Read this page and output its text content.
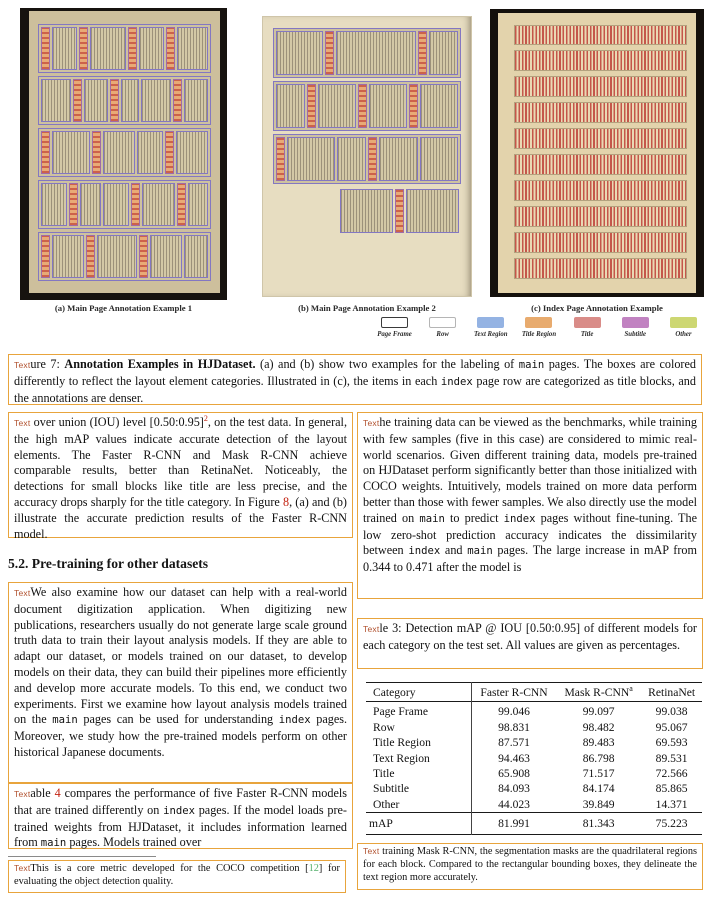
(a) Main Page Annotation Example 1	(b) Main Page Annotation Example 2	(c) Index Page Annotation Example
Page Frame	Row	Text Region	Title Region	Title	Subtitle	Other
Texture 7: Annotation Examples in HJDataset. (a) and (b) show two examples for the labeling of main pages. The boxes are colored differently to reflect the layout element categories. Illustrated in (c), the items in each index page row are categorized as title blocks, and the annotations are denser.
Text over union (IOU) level [0.50:0.95]$^2$, on the test data. In general, the high mAP values indicate accurate detection of the layout elements. The Faster R-CNN and Mask R-CNN achieve comparable results, better than RetinaNet. Noticeably, the detections for small blocks like title are less precise, and the accuracy drops sharply for the title category. In Figure 8, (a) and (b) illustrate the accurate prediction results of the Faster R-CNN model.
5.2. Pre-training for other datasets
TextWe also examine how our dataset can help with a real-world document digitization application. When digitizing new publications, researchers usually do not generate large scale ground truth data to train their layout analysis models. If they are able to adapt our dataset, or models trained on our dataset, to develop models on their data, they can build their pipelines more efficiently and develop more accurate models. To this end, we conduct two experiments. First we examine how layout analysis models trained on the main pages can be used for understanding index pages. Moreover, we study how the pre-trained models perform on other historical Japanese documents.
Textable 4 compares the performance of five Faster R-CNN models that are trained differently on index pages. If the model loads pre-trained weights from HJDataset, it includes information learned from main pages. Models trained over
TextThis is a core metric developed for the COCO competition [12] for evaluating the object detection quality.
Texthe training data can be viewed as the benchmarks, while training with few samples (five in this case) are considered to mimic real-world scenarios. Given different training data, models pre-trained on HJDataset perform significantly better than those initialized with COCO weights. Intuitively, models trained on more data perform better than those with fewer samples. We also directly use the model trained on main to predict index pages without fine-tuning. The low zero-shot prediction accuracy indicates the dissimilarity between index and main pages. The large increase in mAP from 0.344 to 0.471 after the model is
Textle 3: Detection mAP @ IOU [0.50:0.95] of different models for each category on the test set. All values are given as percentages.
Category	Faster R-CNN	Mask R-CNN$^a$	RetinaNet
Page Frame	99.046	99.097	99.038
Row	98.831	98.482	95.067
Title Region	87.571	89.483	69.593
Text Region	94.463	86.798	89.531
Title	65.908	71.517	72.566
Subtitle	84.093	84.174	85.865
Other	44.023	39.849	14.371
mAP	81.991	81.343	75.223
Text training Mask R-CNN, the segmentation masks are the quadrilateral regions for each block. Compared to the rectangular bounding boxes, they delineate the text region more accurately.
